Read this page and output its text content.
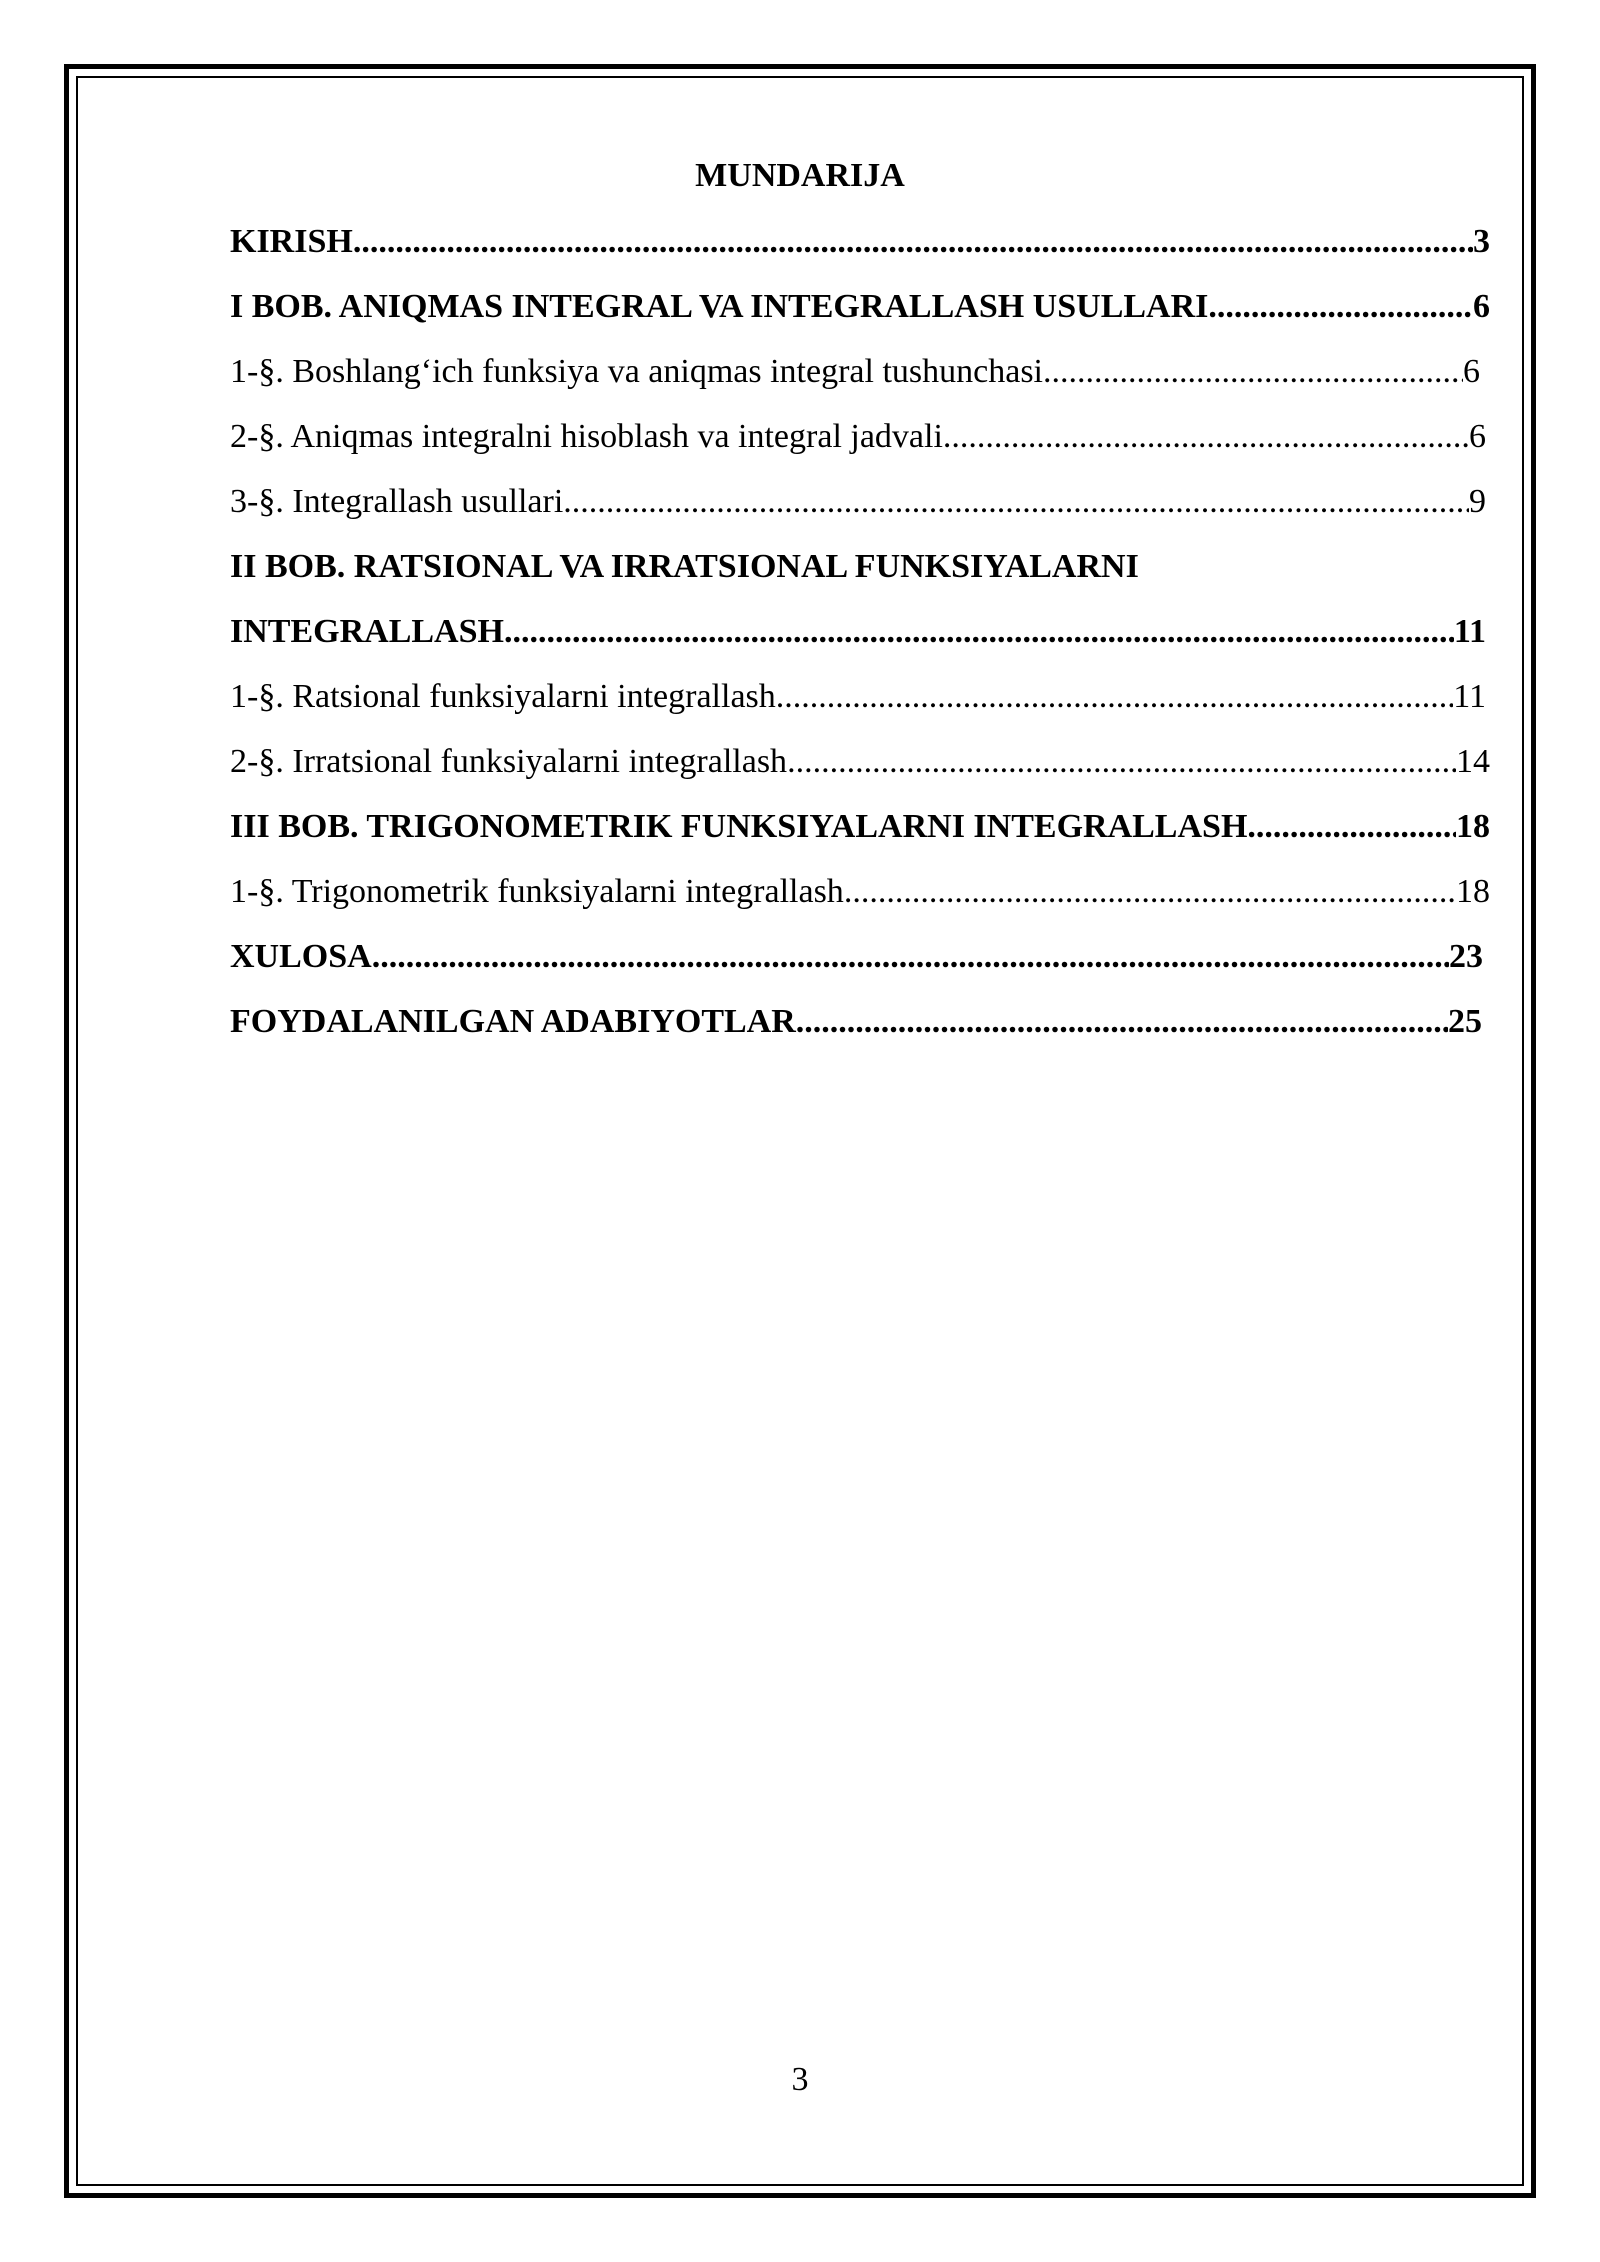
MUNDARIJA
KIRISH .....	3
I BOB. ANIQMAS INTEGRAL VA INTEGRALLASH USULLARI .....	6
1-§. Boshlang‘ich funksiya va aniqmas integral tushunchasi .....	6
2-§. Aniqmas integralni hisoblash va integral jadvali .....	6
3-§. Integrallash usullari .....	9
II BOB. RATSIONAL VA IRRATSIONAL FUNKSIYALARNI
INTEGRALLASH .....	11
1-§. Ratsional funksiyalarni integrallash .....	11
2-§. Irratsional funksiyalarni integrallash .....	14
III BOB. TRIGONOMETRIK FUNKSIYALARNI INTEGRALLASH .....	18
1-§. Trigonometrik funksiyalarni integrallash .....	18
XULOSA .....	23
FOYDALANILGAN ADABIYOTLAR .....	25
3
